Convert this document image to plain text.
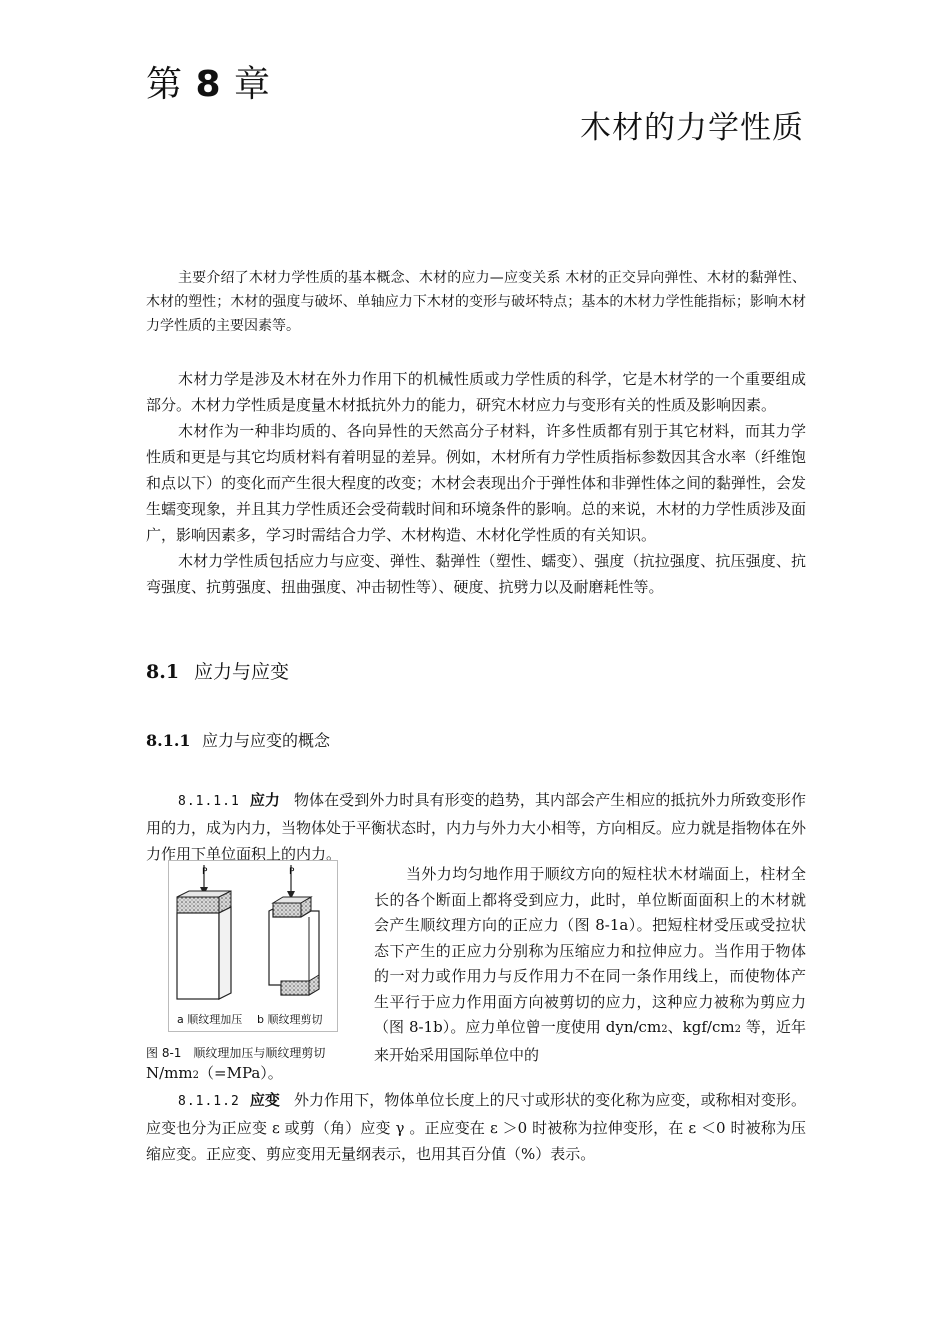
第 8 章
木材的力学性质
主要介绍了木材力学性质的基本概念、木材的应力—应变关系 木材的正交异向弹性、木材的黏弹性、木材的塑性；木材的强度与破坏、单轴应力下木材的变形与破坏特点；基本的木材力学性能指标；影响木材力学性质的主要因素等。

木材力学是涉及木材在外力作用下的机械性质或力学性质的科学，它是木材学的一个重要组成部分。木材力学性质是度量木材抵抗外力的能力，研究木材应力与变形有关的性质及影响因素。

木材作为一种非均质的、各向异性的天然高分子材料，许多性质都有别于其它材料，而其力学性质和更是与其它均质材料有着明显的差异。例如，木材所有力学性质指标参数因其含水率（纤维饱和点以下）的变化而产生很大程度的改变；木材会表现出介于弹性体和非弹性体之间的黏弹性，会发生蠕变现象，并且其力学性质还会受荷载时间和环境条件的影响。总的来说，木材的力学性质涉及面广，影响因素多，学习时需结合力学、木材构造、木材化学性质的有关知识。

木材力学性质包括应力与应变、弹性、黏弹性（塑性、蠕变）、强度（抗拉强度、抗压强度、抗弯强度、抗剪强度、扭曲强度、冲击韧性等）、硬度、抗劈力以及耐磨耗性等。

8.1 应力与应变
8.1.1 应力与应变的概念

8.1.1.1 应力 物体在受到外力时具有形变的趋势，其内部会产生相应的抵抗外力所致变形作用的力，成为内力，当物体处于平衡状态时，内力与外力大小相等，方向相反。应力就是指物体在外力作用下单位面积上的内力。

P	P
a 顺纹理加压 b 顺纹理剪切
图 8-1　顺纹理加压与顺纹理剪切

当外力均匀地作用于顺纹方向的短柱状木材端面上，柱材全长的各个断面上都将受到应力，此时，单位断面面积上的木材就会产生顺纹理方向的正应力（图 8-1a）。把短柱材受压或受拉状态下产生的正应力分别称为压缩应力和拉伸应力。当作用于物体的一对力或作用力与反作用力不在同一条作用线上，而使物体产生平行于应力作用面方向被剪切的应力，这种应力被称为剪应力（图 8-1b）。应力单位曾一度使用 dyn/cm2、kgf/cm2 等，近年来开始采用国际单位中的

N/mm2（=MPa）。

8.1.1.2 应变 外力作用下，物体单位长度上的尺寸或形状的变化称为应变，或称相对变形。应变也分为正应变 ε 或剪（角）应变 γ 。正应变在 ε ＞0 时被称为拉伸变形，在 ε ＜0 时被称为压缩应变。正应变、剪应变用无量纲表示，也用其百分值（%）表示。
